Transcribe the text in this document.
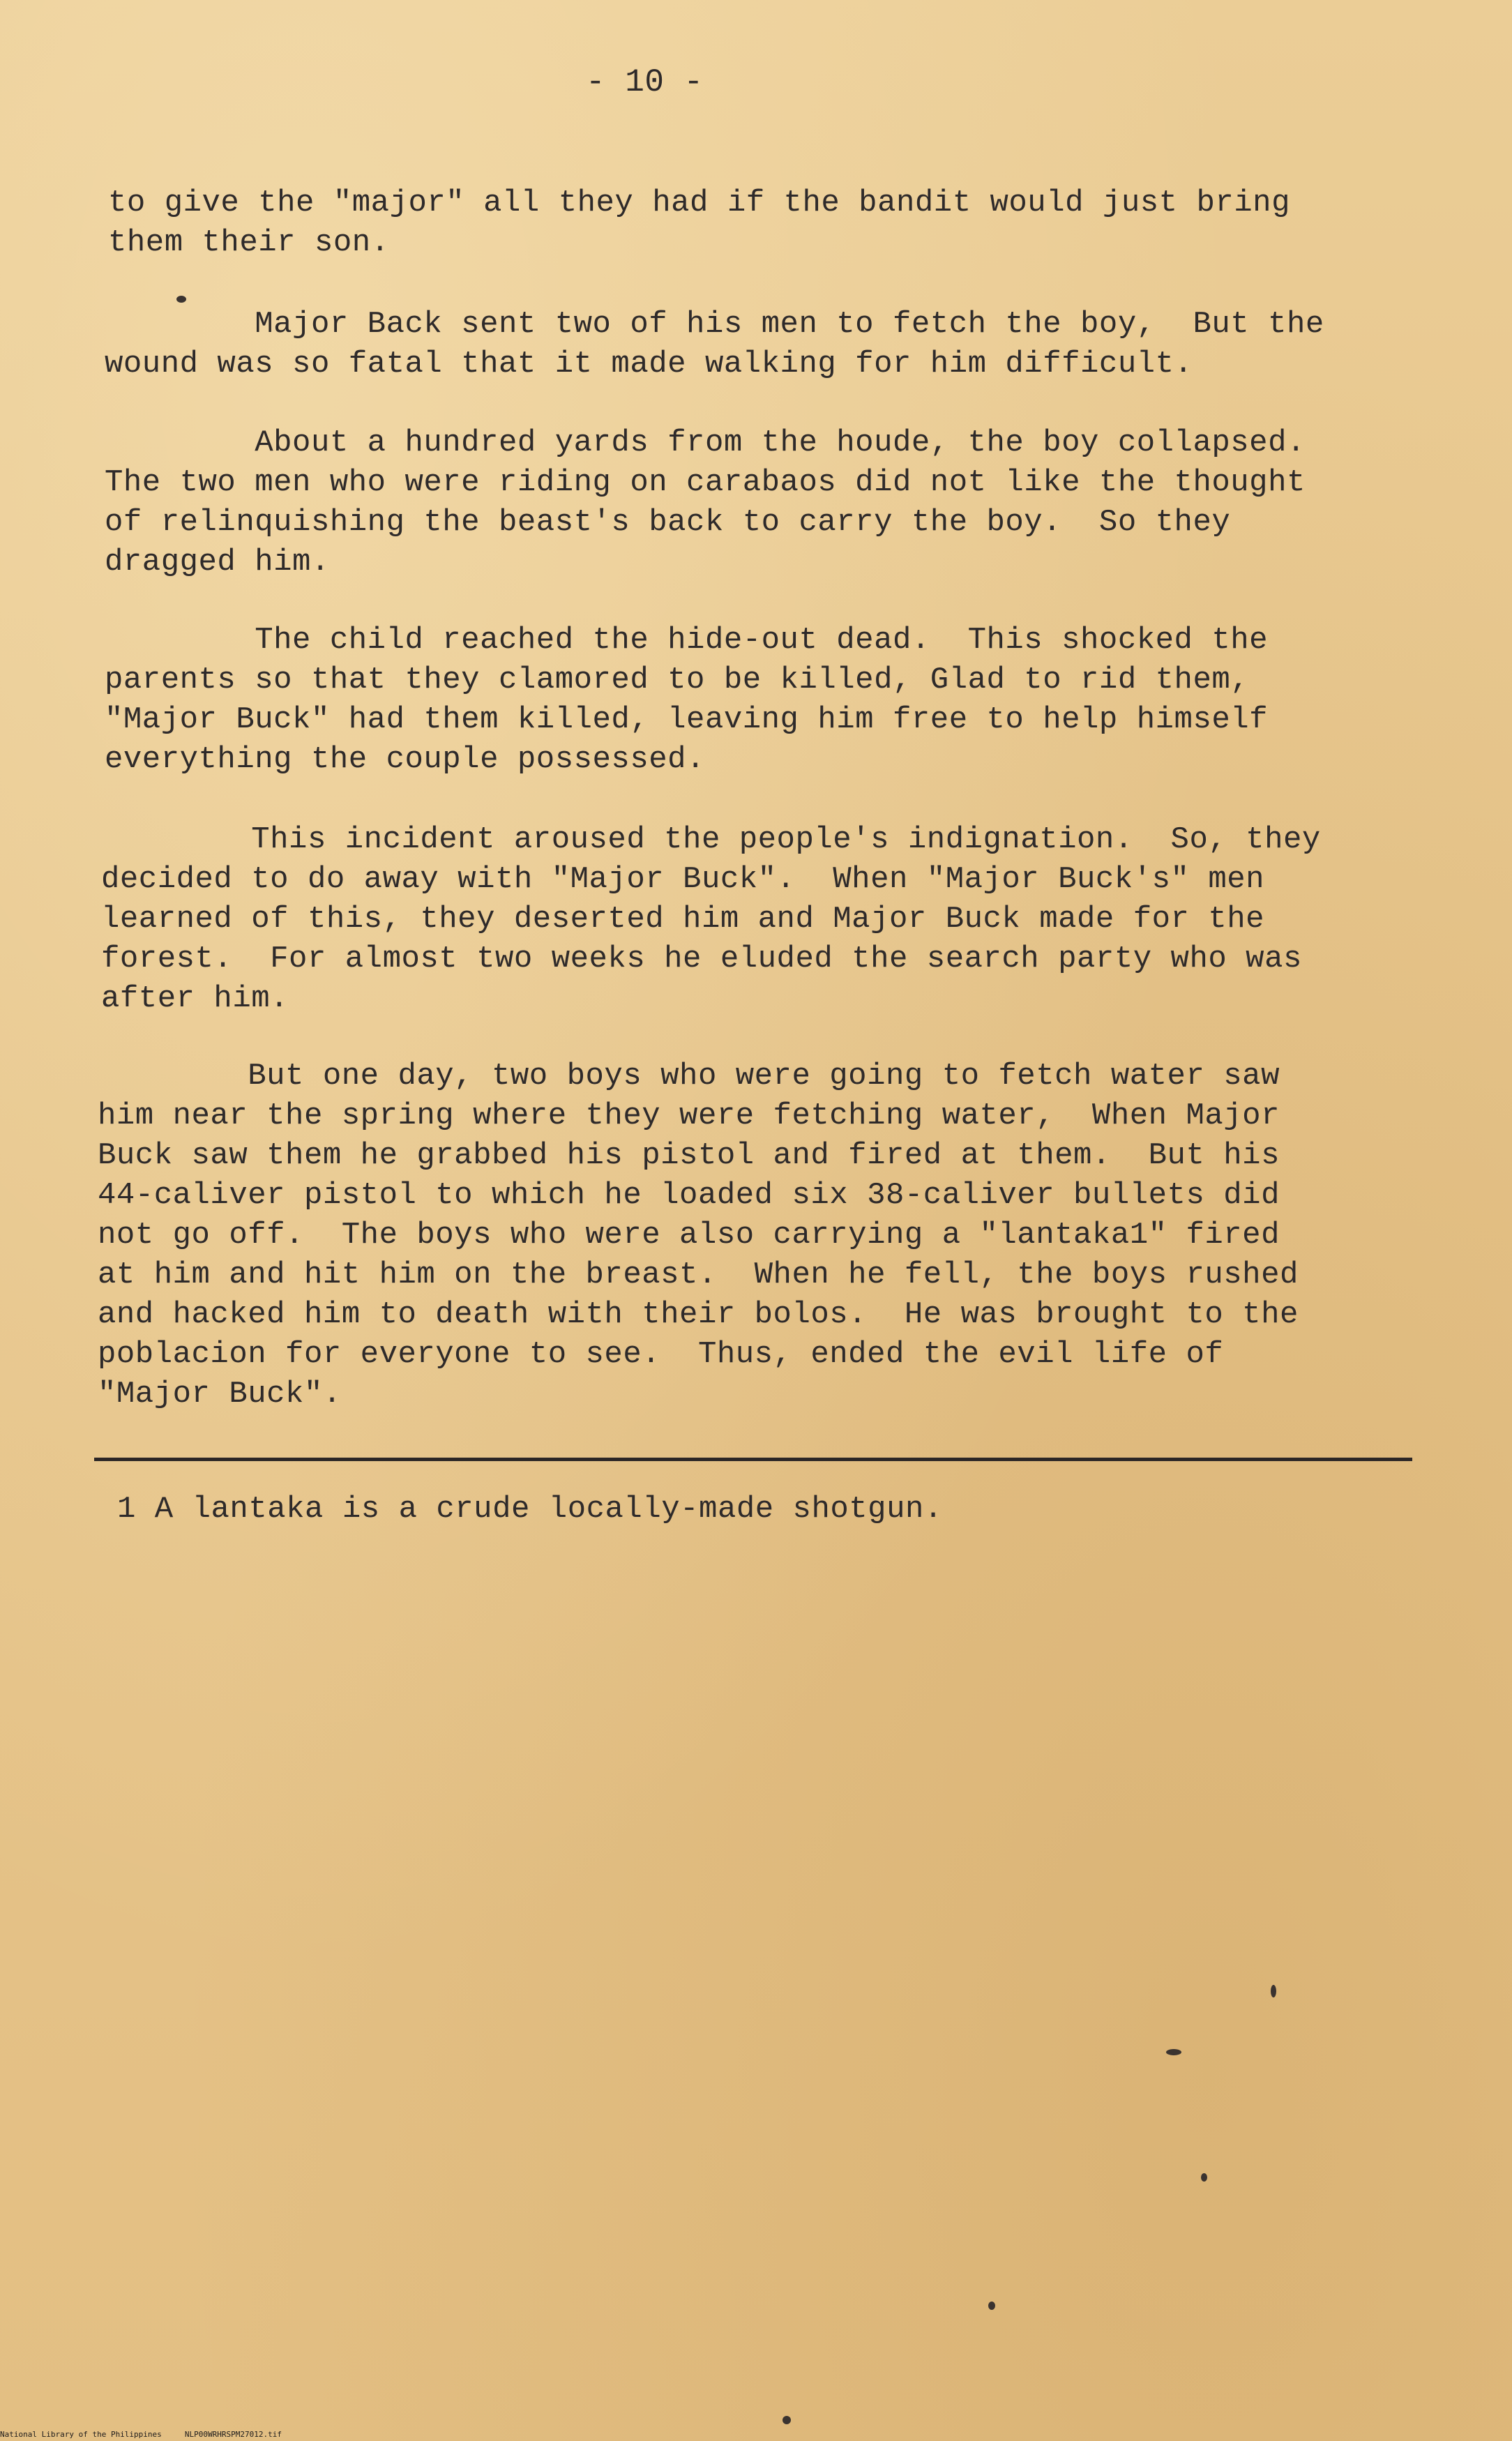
- 10 -
to give the "major" all they had if the bandit would just bring
them their son.
Major Back sent two of his men to fetch the boy,  But the
wound was so fatal that it made walking for him difficult.
About a hundred yards from the houde, the boy collapsed.
The two men who were riding on carabaos did not like the thought
of relinquishing the beast's back to carry the boy.  So they
dragged him.
The child reached the hide-out dead.  This shocked the
parents so that they clamored to be killed, Glad to rid them,
"Major Buck" had them killed, leaving him free to help himself
everything the couple possessed.
This incident aroused the people's indignation.  So, they
decided to do away with "Major Buck".  When "Major Buck's" men
learned of this, they deserted him and Major Buck made for the
forest.  For almost two weeks he eluded the search party who was
after him.
But one day, two boys who were going to fetch water saw
him near the spring where they were fetching water,  When Major
Buck saw them he grabbed his pistol and fired at them.  But his
44-caliver pistol to which he loaded six 38-caliver bullets did
not go off.  The boys who were also carrying a "lantaka1" fired
at him and hit him on the breast.  When he fell, the boys rushed
and hacked him to death with their bolos.  He was brought to the
poblacion for everyone to see.  Thus, ended the evil life of
"Major Buck".
1 A lantaka is a crude locally-made shotgun.
National Library of the Philippines     NLP00WRHRSPM27012.tif
